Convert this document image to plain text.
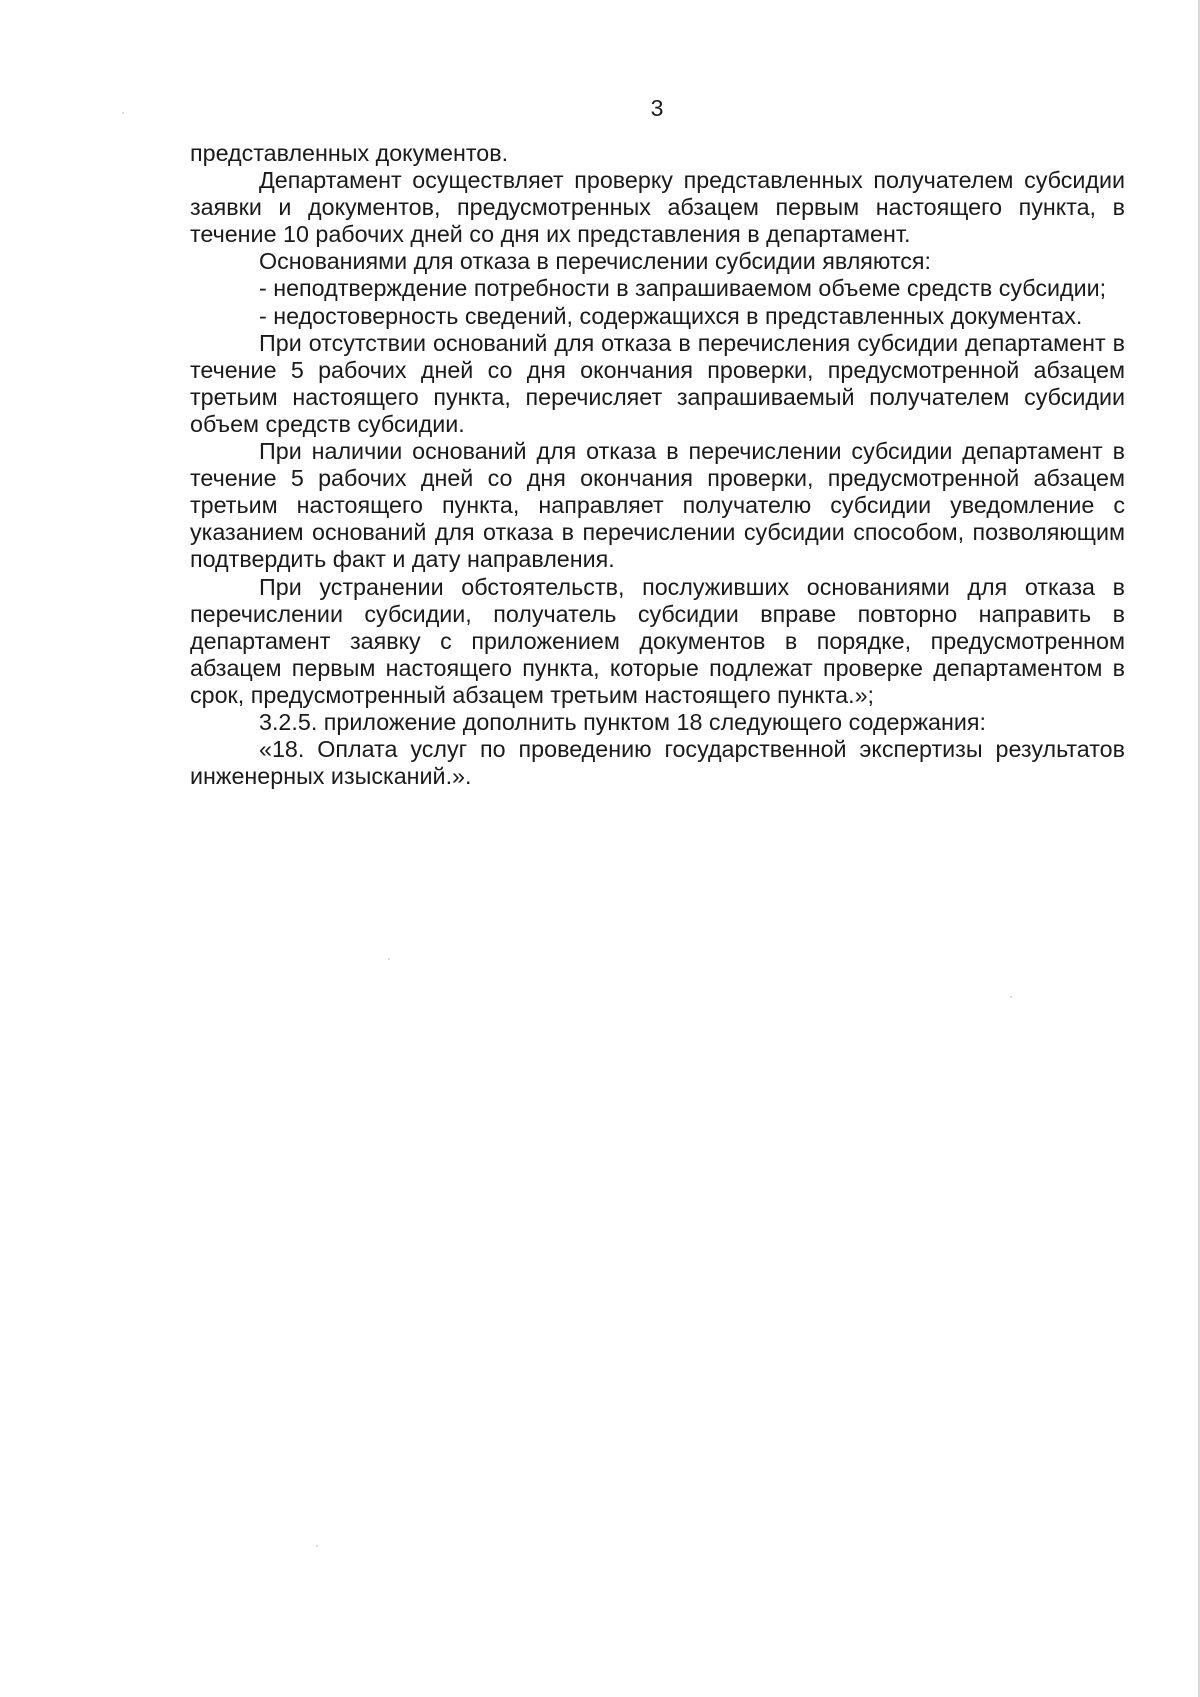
3

представленных документов.

Департамент осуществляет проверку представленных получателем субсидии заявки и документов, предусмотренных абзацем первым настоящего пункта, в течение 10 рабочих дней со дня их представления в департамент.

Основаниями для отказа в перечислении субсидии являются:

- неподтверждение потребности в запрашиваемом объеме средств субсидии;

- недостоверность сведений, содержащихся в представленных документах.

При отсутствии оснований для отказа в перечисления субсидии департамент в течение 5 рабочих дней со дня окончания проверки, предусмотренной абзацем третьим настоящего пункта, перечисляет запрашиваемый получателем субсидии объем средств субсидии.

При наличии оснований для отказа в перечислении субсидии департамент в течение 5 рабочих дней со дня окончания проверки, предусмотренной абзацем третьим настоящего пункта, направляет получателю субсидии уведомление с указанием оснований для отказа в перечислении субсидии способом, позволяющим подтвердить факт и дату направления.

При устранении обстоятельств, послуживших основаниями для отказа в перечислении субсидии, получатель субсидии вправе повторно направить в департамент заявку с приложением документов в порядке, предусмотренном абзацем первым настоящего пункта, которые подлежат проверке департаментом в срок, предусмотренный абзацем третьим настоящего пункта.»;

3.2.5. приложение дополнить пунктом 18 следующего содержания:

«18. Оплата услуг по проведению государственной экспертизы результатов инженерных изысканий.».
